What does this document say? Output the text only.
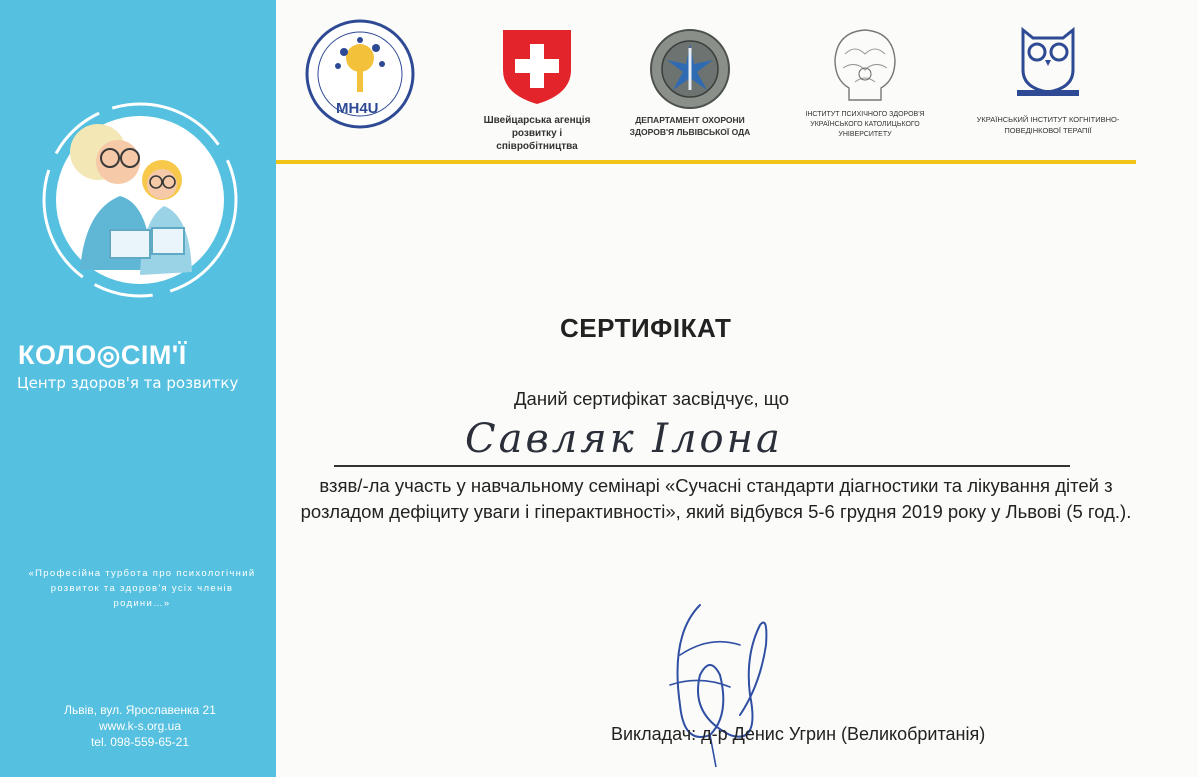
КОЛО◎СІМ'Ї
Центр здоров'я та розвитку
«Професійна турбота про психологічний розвиток та здоров'я усіх членів родини…»
Львів, вул. Ярославенка 21
www.k-s.org.ua
tel. 098-559-65-21
MH4U
Швейцарська агенція розвитку і співробітництва
ДЕПАРТАМЕНТ ОХОРОНИ ЗДОРОВ'Я ЛЬВІВСЬКОЇ ОДА
ІНСТИТУТ ПСИХІЧНОГО ЗДОРОВ'Я УКРАЇНСЬКОГО КАТОЛИЦЬКОГО УНІВЕРСИТЕТУ
УКРАЇНСЬКИЙ ІНСТИТУТ КОГНІТИВНО-ПОВЕДІНКОВОЇ ТЕРАПІЇ
СЕРТИФІКАТ
Даний сертифікат засвідчує, що
Савляк Ілона
взяв/-ла участь у навчальному семінарі «Сучасні стандарти діагностики та лікування дітей з розладом дефіциту уваги і гіперактивності», який відбувся 5-6 грудня 2019 року у Львові (5 год.).
Викладач: д-р Денис Угрин (Великобританія)
